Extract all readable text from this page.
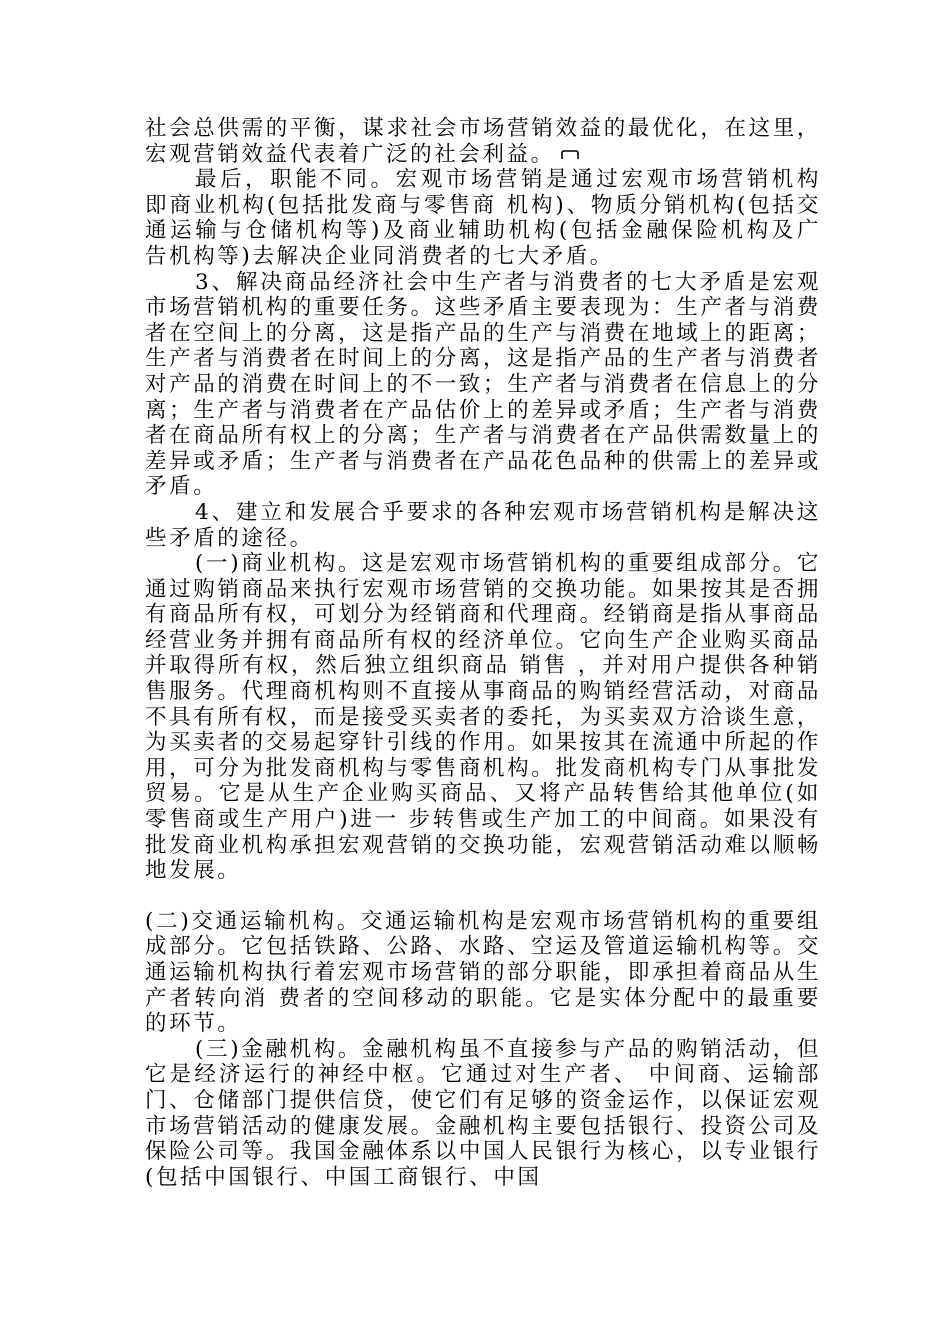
社会总供需的平衡，谋求社会市场营销效益的最优化，在这里，宏观营销效益代表着广泛的社会利益。

最后，职能不同。宏观市场营销是通过宏观市场营销机构即商业机构(包括批发商与零售商 机构)、物质分销机构(包括交通运输与仓储机构等)及商业辅助机构(包括金融保险机构及广 告机构等)去解决企业同消费者的七大矛盾。

3、解决商品经济社会中生产者与消费者的七大矛盾是宏观市场营销机构的重要任务。这些矛盾主要表现为：生产者与消费者在空间上的分离，这是指产品的生产与消费在地域上的距离；生产者与消费者在时间上的分离，这是指产品的生产者与消费者对产品的消费在时间上的不一致；生产者与消费者在信息上的分离；生产者与消费者在产品估价上的差异或矛盾；生产者与消费者在商品所有权上的分离；生产者与消费者在产品供需数量上的差异或矛盾；生产者与消费者在产品花色品种的供需上的差异或矛盾。

4、建立和发展合乎要求的各种宏观市场营销机构是解决这些矛盾的途径。

(一)商业机构。这是宏观市场营销机构的重要组成部分。它通过购销商品来执行宏观市场营销的交换功能。如果按其是否拥有商品所有权，可划分为经销商和代理商。经销商是指从事商品经营业务并拥有商品所有权的经济单位。它向生产企业购买商品并取得所有权，然后独立组织商品 销售 ，并对用户提供各种销售服务。代理商机构则不直接从事商品的购销经营活动，对商品不具有所有权，而是接受买卖者的委托，为买卖双方洽谈生意，为买卖者的交易起穿针引线的作用。如果按其在流通中所起的作用，可分为批发商机构与零售商机构。批发商机构专门从事批发贸易。它是从生产企业购买商品、又将产品转售给其他单位(如零售商或生产用户)进一 步转售或生产加工的中间商。如果没有批发商业机构承担宏观营销的交换功能，宏观营销活动难以顺畅地发展。

(二)交通运输机构。交通运输机构是宏观市场营销机构的重要组成部分。它包括铁路、公路、水路、空运及管道运输机构等。交通运输机构执行着宏观市场营销的部分职能，即承担着商品从生产者转向消 费者的空间移动的职能。它是实体分配中的最重要的环节。

(三)金融机构。金融机构虽不直接参与产品的购销活动，但它是经济运行的神经中枢。它通过对生产者、 中间商、运输部门、仓储部门提供信贷，使它们有足够的资金运作，以保证宏观市场营销活动的健康发展。金融机构主要包括银行、投资公司及保险公司等。我国金融体系以中国人民银行为核心，以专业银行(包括中国银行、中国工商银行、中国
